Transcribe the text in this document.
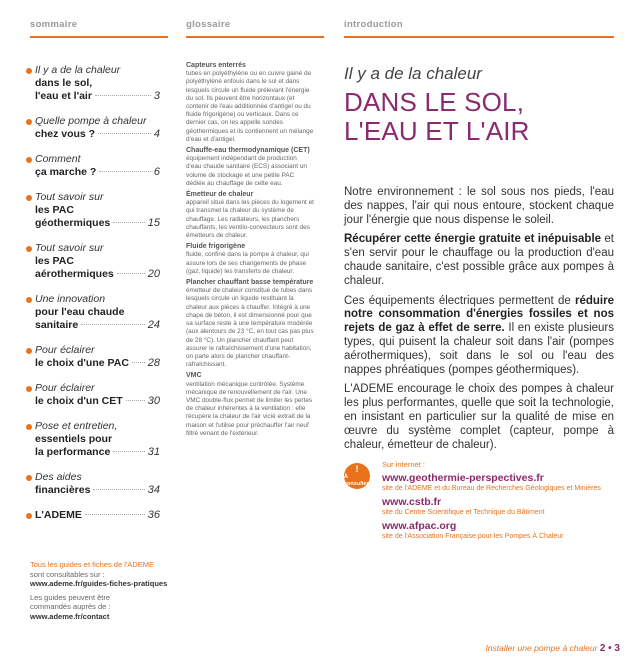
sommaire	glossaire	introduction
Il y a de la chaleur
dans le sol,
l'eau et l'air	3
Quelle pompe à chaleur
chez vous ?	4
Comment
ça marche ?	6
Tout savoir sur
les PAC
géothermiques	15
Tout savoir sur
les PAC
aérothermiques	20
Une innovation
pour l'eau chaude
sanitaire	24
Pour éclairer
le choix d'une PAC 28
Pour éclairer
le choix d'un CET 30
Pose et entretien,
essentiels pour
la performance	31
Des aides
financières	34
L'ADEME	36
Tous les guides et fiches de l'ADEME
sont consultables sur :
www.ademe.fr/guides-fiches-pratiques
Les guides peuvent être
commandés auprès de :
www.ademe.fr/contact
Capteurs enterrés
tubes en polyéthylène ou en cuivre gainé de polyéthylène enfouis dans le sol et dans lesquels circule un fluide prélevant l'énergie du sol. Ils peuvent être horizontaux (et contenir de l'eau additionnée d'antigel ou du fluide frigorigène) ou verticaux. Dans ce dernier cas, on les appelle sondes géothermiques et ils contiennent un mélange d'eau et d'antigel.
Chauffe-eau thermodynamique (CET)
équipement indépendant de production d'eau chaude sanitaire (ECS) associant un volume de stockage et une petite PAC dédiée au chauffage de cette eau.
Émetteur de chaleur
appareil situé dans les pièces du logement et qui transmet la chaleur du système de chauffage. Les radiateurs, les planchers chauffants, les ventilo-convecteurs sont des émetteurs de chaleur.
Fluide frigorigène
fluide, confiné dans la pompe à chaleur, qui assure lors de ses changements de phase (gaz, liquide) les transferts de chaleur.
Plancher chauffant basse température
émetteur de chaleur constitué de tubes dans lesquels circule un liquide restituant la chaleur aux pièces à chauffer. Intégré à une chape de béton, il est dimensionné pour que sa surface reste à une température modérée (aux alentours de 23 °C, en tout cas pas plus de 28 °C). Un plancher chauffant peut assurer le rafraîchissement d'une habitation, on parle alors de plancher chauffant-rafraîchissant.
VMC
ventilation mécanique contrôlée. Système mécanique de renouvellement de l'air. Une VMC double-flux permet de limiter les pertes de chaleur inhérentes à la ventilation : elle récupère la chaleur de l'air vicié extrait de la maison et l'utilise pour préchauffer l'air neuf filtré venant de l'extérieur.
Il y a de la chaleur
DANS LE SOL,
L'EAU ET L'AIR
Notre environnement : le sol sous nos pieds, l'eau des nappes, l'air qui nous entoure, stockent chaque jour l'énergie que nous dispense le soleil.
Récupérer cette énergie gratuite et inépuisable et s'en servir pour le chauffage ou la production d'eau chaude sanitaire, c'est possible grâce aux pompes à chaleur.
Ces équipements électriques permettent de réduire notre consommation d'énergies fossiles et nos rejets de gaz à effet de serre. Il en existe plusieurs types, qui puisent la chaleur soit dans l'air (pompes aérothermiques), soit dans le sol ou l'eau des nappes phréatiques (pompes géothermiques).
L'ADEME encourage le choix des pompes à chaleur les plus performantes, quelle que soit la technologie, en insistant en particulier sur la qualité de mise en œuvre du système complet (capteur, pompe à chaleur, émetteur de chaleur).
!
À consulter
Sur internet :
www.geothermie-perspectives.fr
site de l'ADEME et du Bureau de Recherches Géologiques et Minières
www.cstb.fr
site du Centre Scientifique et Technique du Bâtiment
www.afpac.org
site de l'Association Française pour les Pompes À Chaleur
Installer une pompe à chaleur 2 • 3
